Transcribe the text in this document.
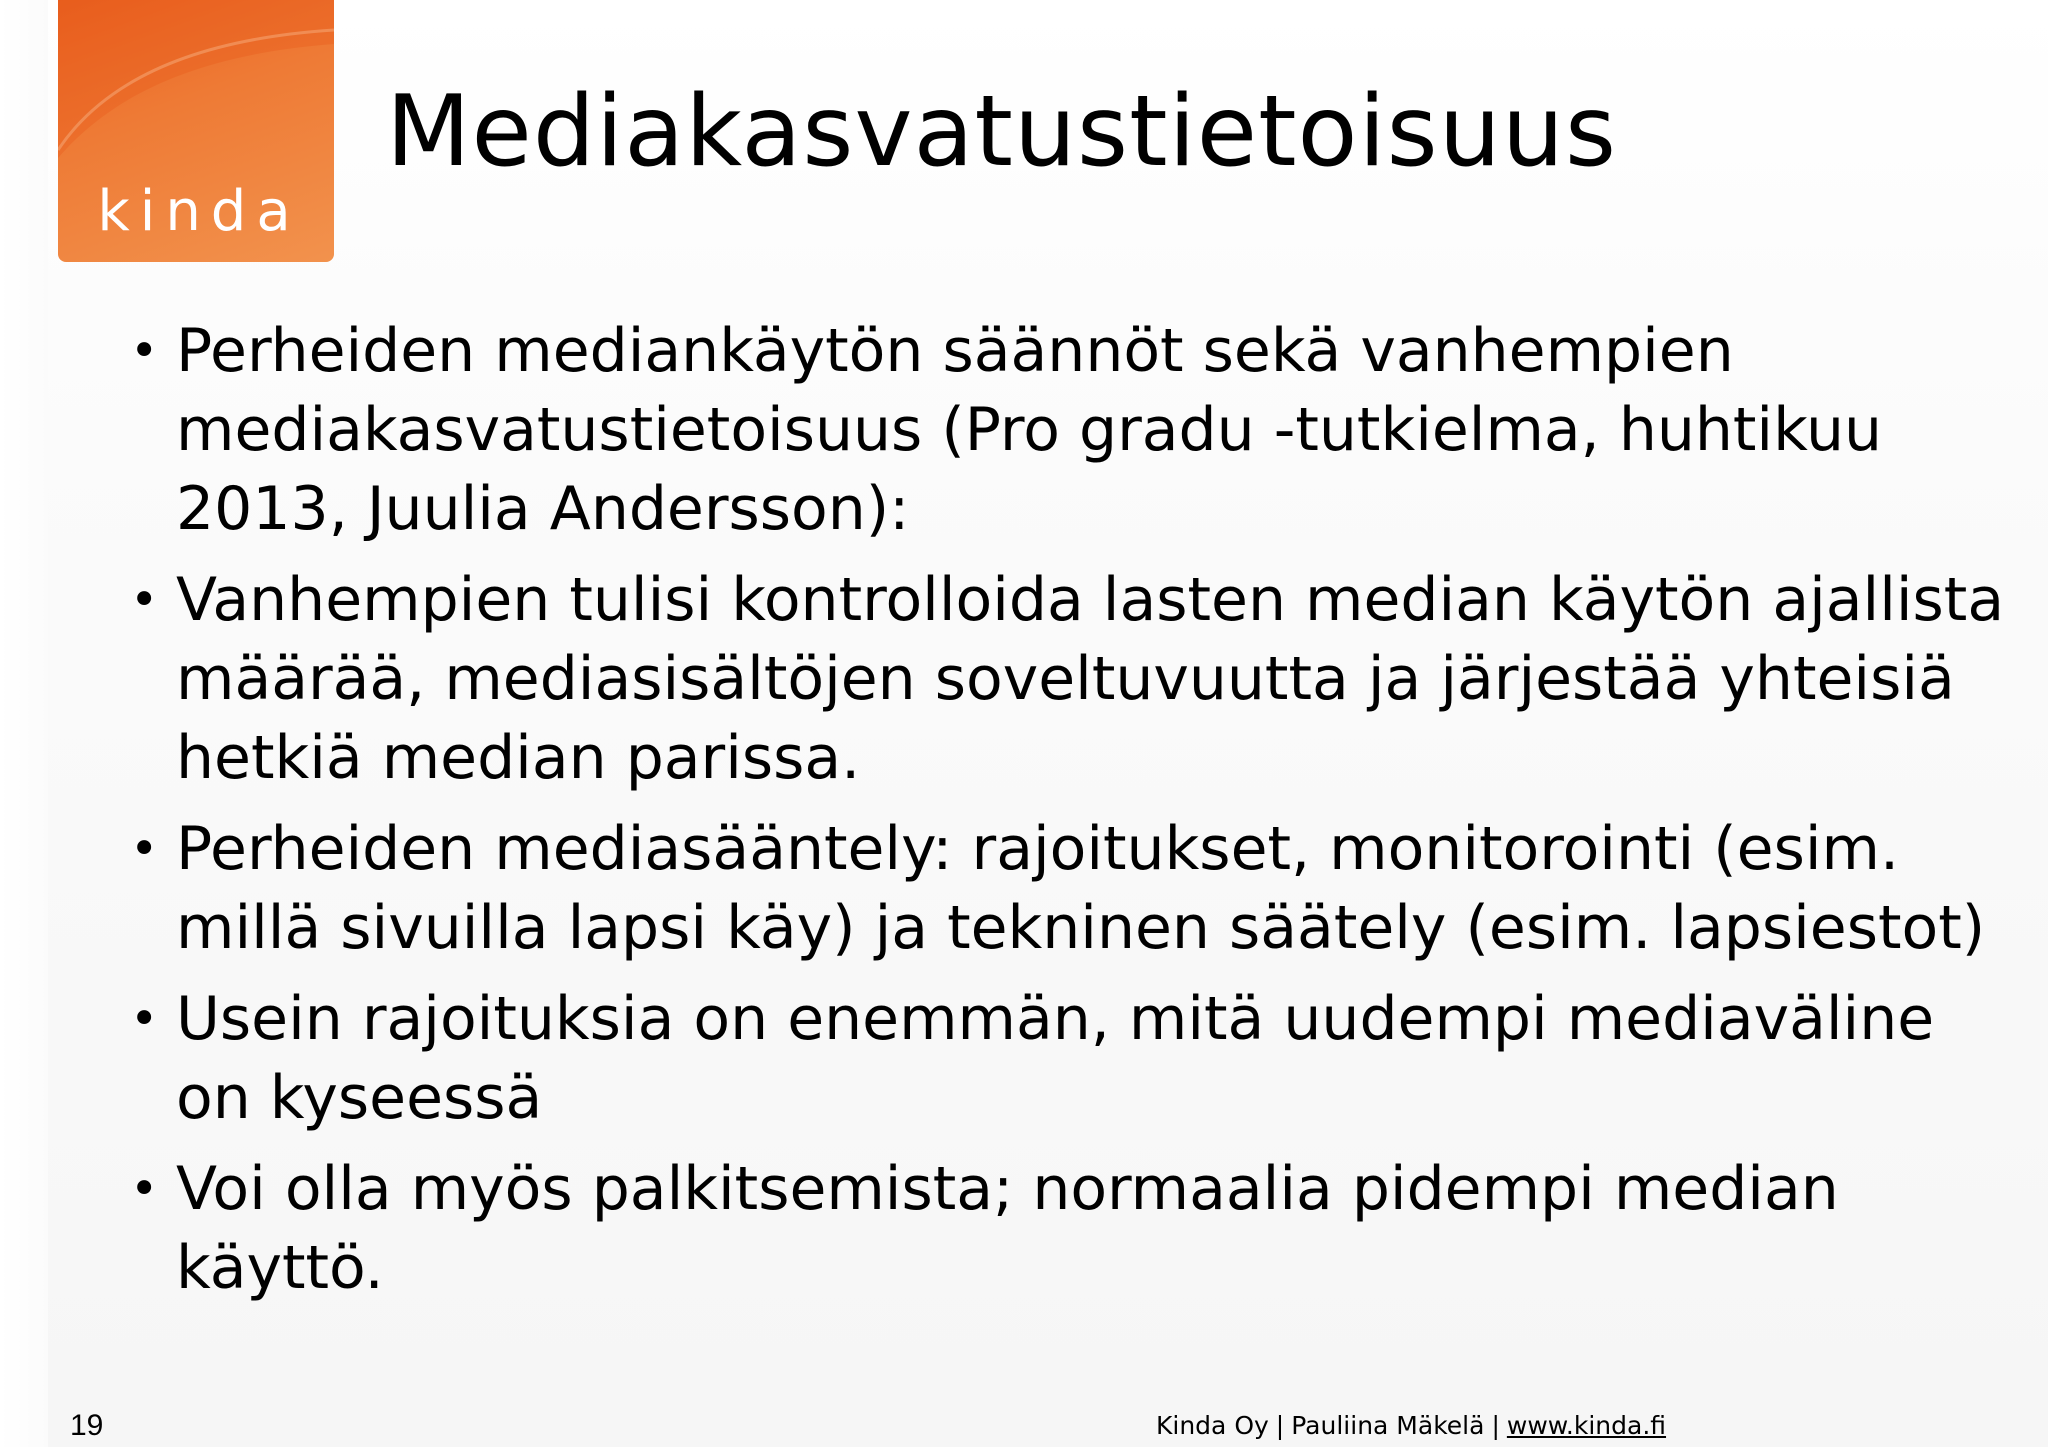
kinda
Mediakasvatustietoisuus
• Perheiden mediankäytön säännöt sekä vanhempien mediakasvatustietoisuus (Pro gradu -tutkielma, huhtikuu 2013, Juulia Andersson):
• Vanhempien tulisi kontrolloida lasten median käytön ajallista määrää, mediasisältöjen soveltuvuutta ja järjestää yhteisiä hetkiä median parissa.
• Perheiden mediasääntely: rajoitukset, monitorointi (esim. millä sivuilla lapsi käy) ja tekninen säätely (esim. lapsiestot)
• Usein rajoituksia on enemmän, mitä uudempi mediaväline on kyseessä
• Voi olla myös palkitsemista; normaalia pidempi median käyttö.
19	Kinda Oy | Pauliina Mäkelä | www.kinda.fi
